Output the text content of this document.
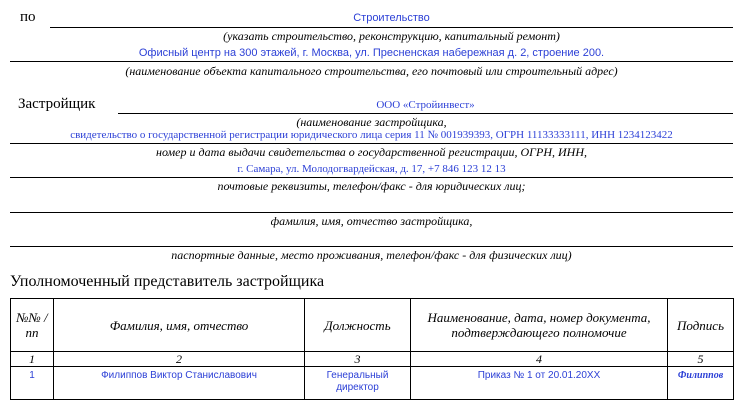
по	Строительство
(указать строительство, реконструкцию, капитальный ремонт)
Офисный центр на 300 этажей, г. Москва, ул. Пресненская набережная д. 2, строение 200.
(наименование объекта капитального строительства, его почтовый или строительный адрес)
Застройщик	ООО «Стройинвест»
(наименование застройщика,
свидетельство о государственной регистрации юридического лица серия 11 № 001939393, ОГРН 11133333111, ИНН 1234123422
номер и дата выдачи свидетельства о государственной регистрации, ОГРН, ИНН,
г. Самара, ул. Молодогвардейская, д. 17, +7 846 123 12 13
почтовые реквизиты, телефон/факс - для юридических лиц;
фамилия, имя, отчество застройщика,
паспортные данные, место проживания, телефон/факс - для физических лиц)
Уполномоченный представитель застройщика
№№ / пп	Фамилия, имя, отчество	Должность	Наименование, дата, номер документа, подтверждающего полномочие	Подпись
1	2	3	4	5
1	Филиппов Виктор Станиславович	Генеральный директор	Приказ № 1 от 20.01.20ХХ	Филиппов
